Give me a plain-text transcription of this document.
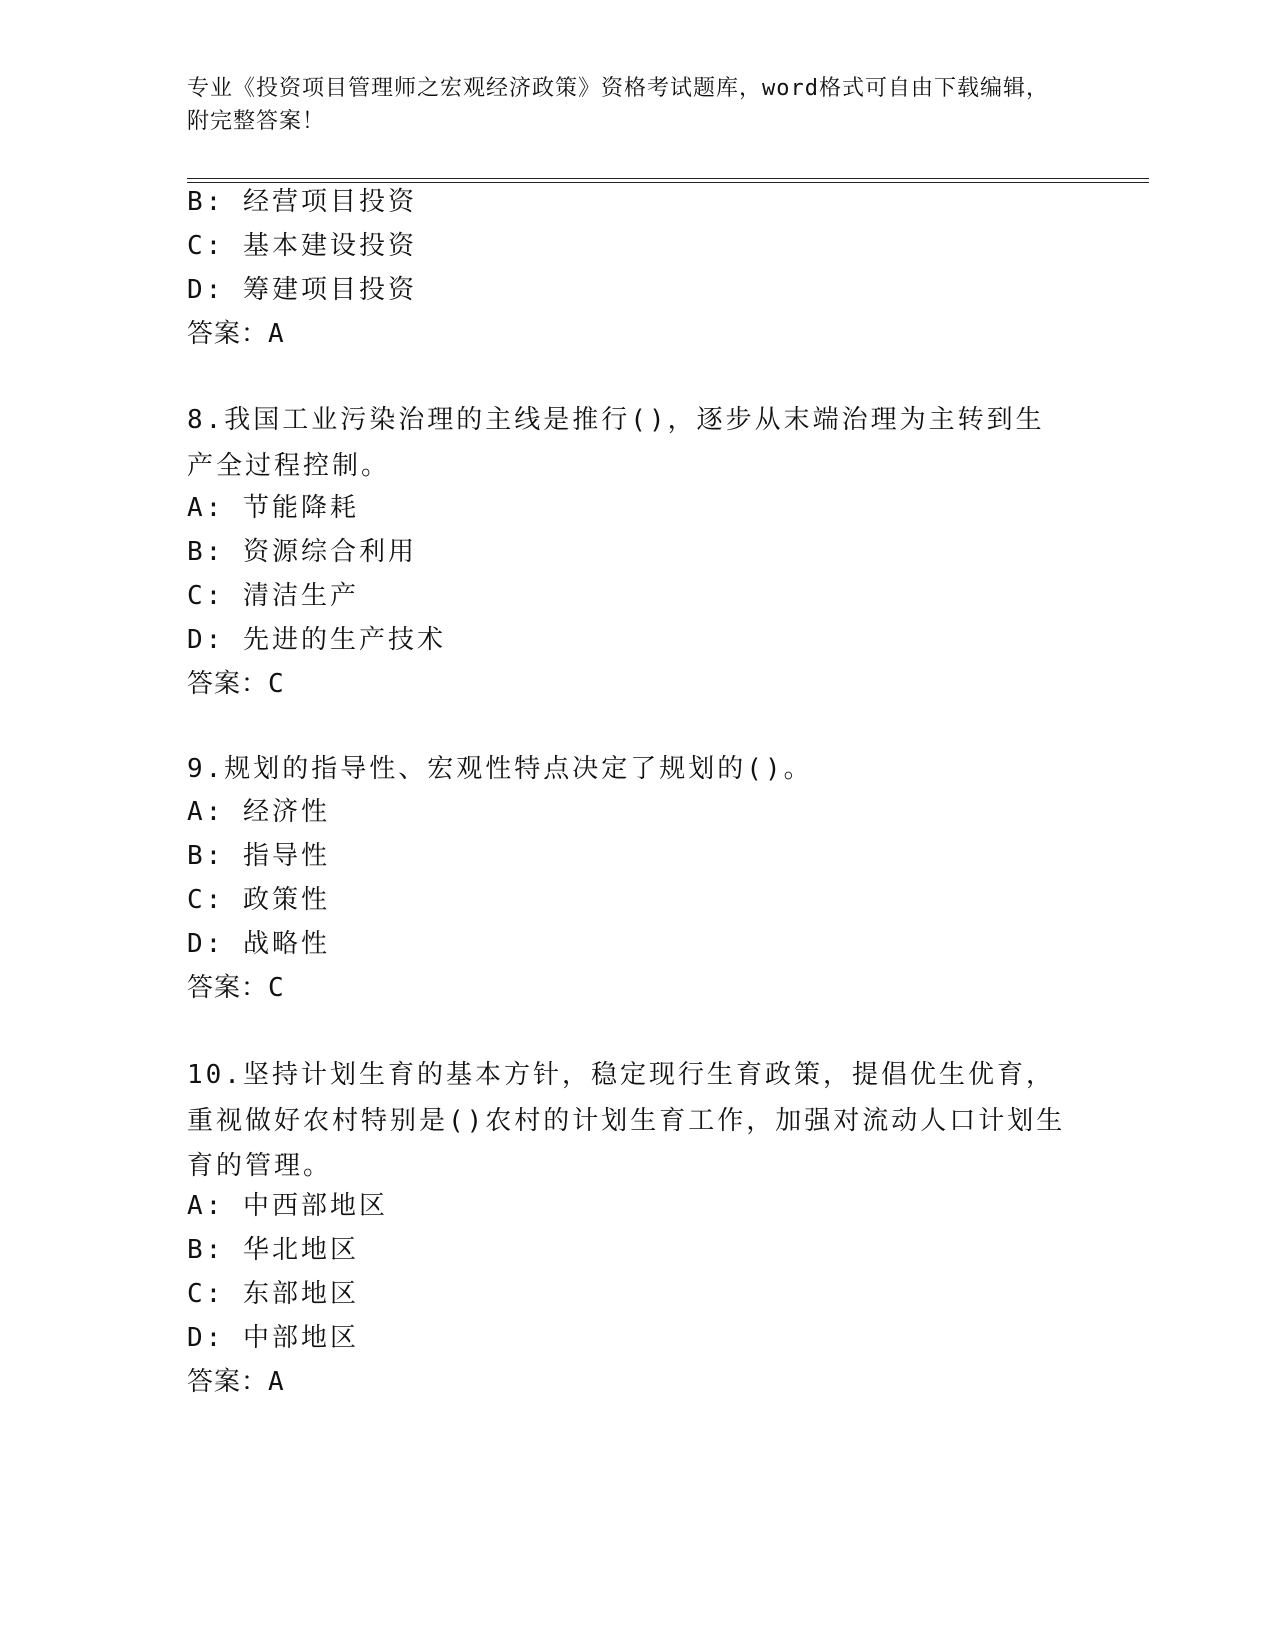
专业《投资项目管理师之宏观经济政策》资格考试题库，word格式可自由下载编辑，附完整答案！
B: 经营项目投资
C: 基本建设投资
D: 筹建项目投资
答案：A
8.我国工业污染治理的主线是推行()，逐步从末端治理为主转到生产全过程控制。
A: 节能降耗
B: 资源综合利用
C: 清洁生产
D: 先进的生产技术
答案：C
9.规划的指导性、宏观性特点决定了规划的()。
A: 经济性
B: 指导性
C: 政策性
D: 战略性
答案：C
10.坚持计划生育的基本方针，稳定现行生育政策，提倡优生优育，重视做好农村特别是()农村的计划生育工作，加强对流动人口计划生育的管理。
A: 中西部地区
B: 华北地区
C: 东部地区
D: 中部地区
答案：A
